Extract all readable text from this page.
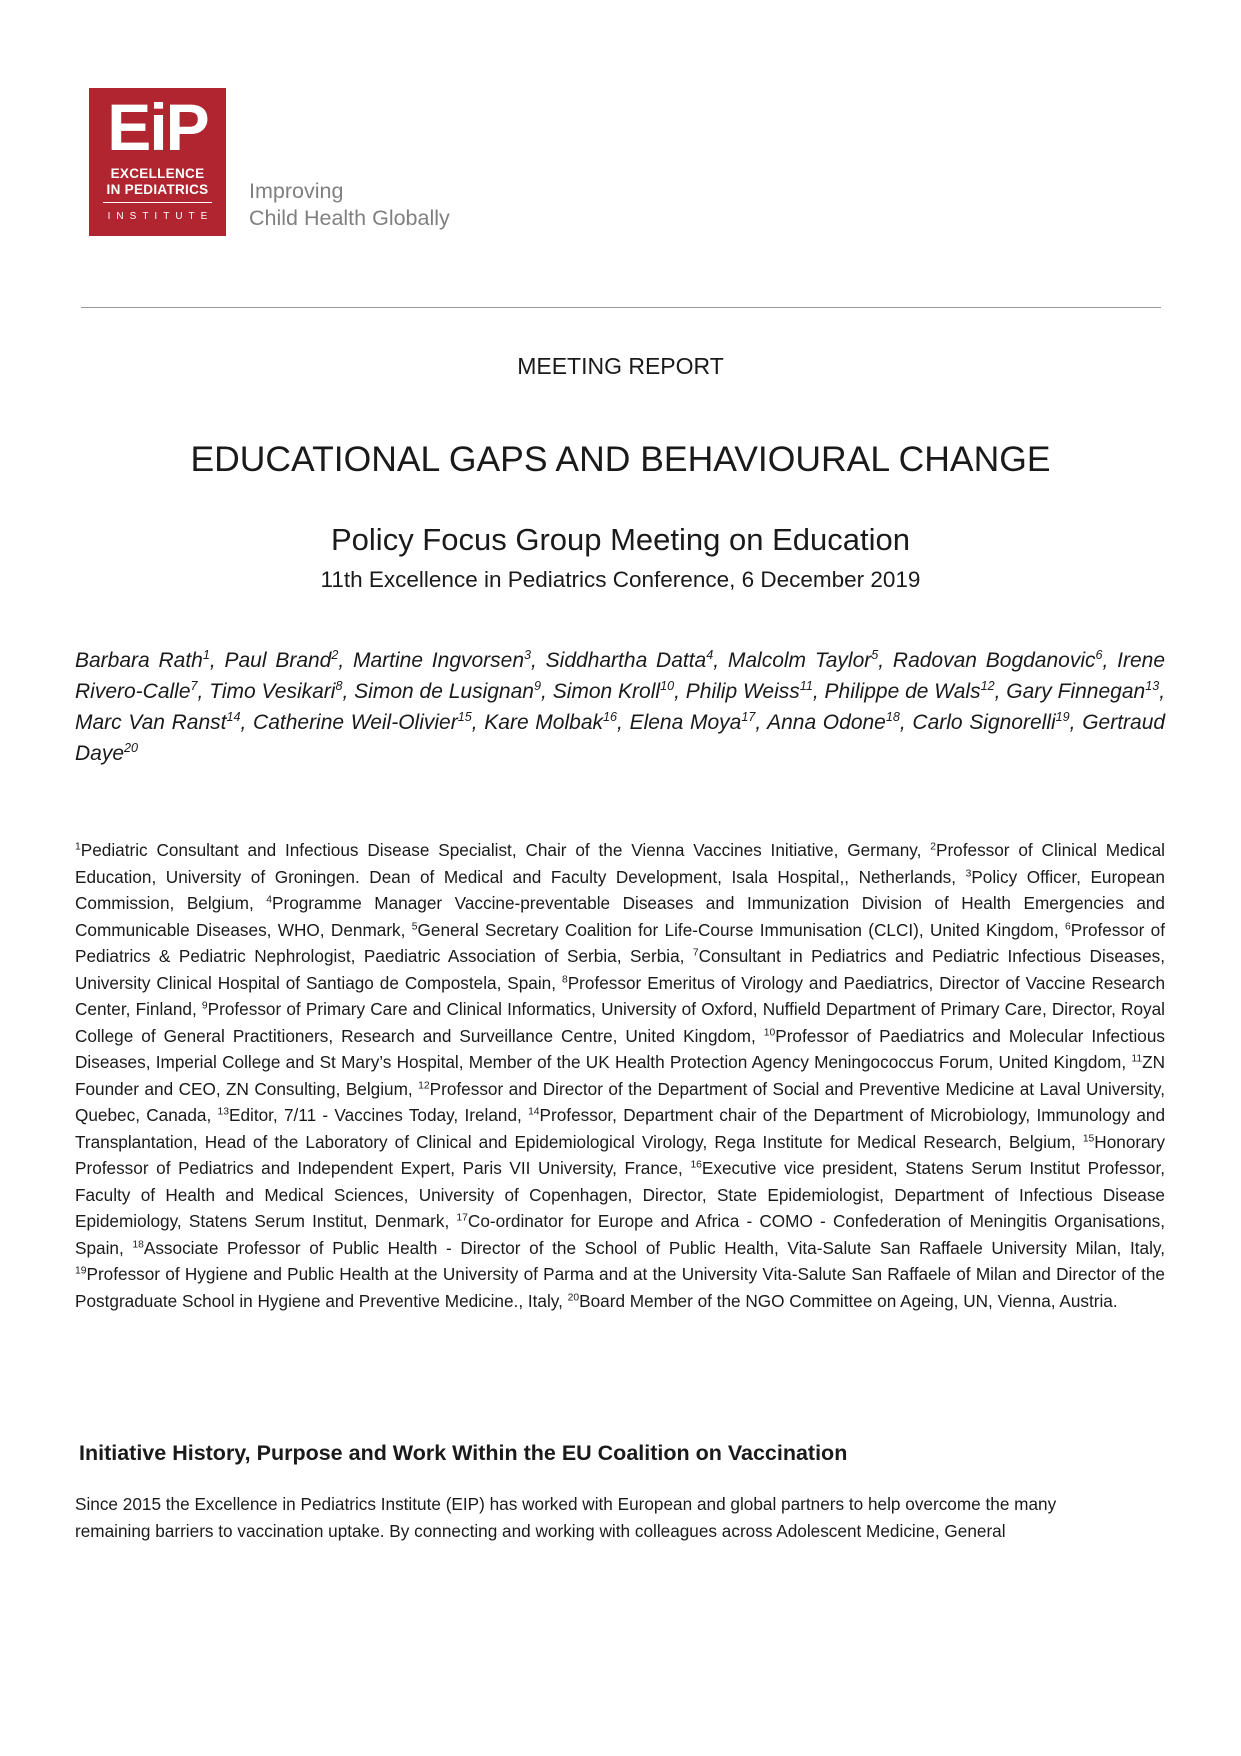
EiP
EXCELLENCE
IN PEDIATRICS
INSTITUTE
Improving
Child Health Globally
MEETING REPORT
EDUCATIONAL GAPS AND BEHAVIOURAL CHANGE
Policy Focus Group Meeting on Education
11th Excellence in Pediatrics Conference, 6 December 2019
Barbara Rath$^1$, Paul Brand$^2$, Martine Ingvorsen$^3$, Siddhartha Datta$^4$, Malcolm Taylor$^5$, Radovan Bogdanovic$^6$, Irene Rivero-Calle$^7$, Timo Vesikari$^8$, Simon de Lusignan$^9$, Simon Kroll$^{10}$, Philip Weiss$^{11}$, Philippe de Wals$^{12}$, Gary Finnegan$^{13}$, Marc Van Ranst$^{14}$, Catherine Weil-Olivier$^{15}$, Kare Molbak$^{16}$, Elena Moya$^{17}$, Anna Odone$^{18}$, Carlo Signorelli$^{19}$, Gertraud Daye$^{20}$
$^1$Pediatric Consultant and Infectious Disease Specialist, Chair of the Vienna Vaccines Initiative, Germany, $^2$Professor of Clinical Medical Education, University of Groningen. Dean of Medical and Faculty Development, Isala Hospital,, Netherlands, $^3$Policy Officer, European Commission, Belgium, $^4$Programme Manager Vaccine-preventable Diseases and Immunization Division of Health Emergencies and Communicable Diseases, WHO, Denmark, $^5$General Secretary Coalition for Life-Course Immunisation (CLCI), United Kingdom, $^6$Professor of Pediatrics & Pediatric Nephrologist, Paediatric Association of Serbia, Serbia, $^7$Consultant in Pediatrics and Pediatric Infectious Diseases, University Clinical Hospital of Santiago de Compostela, Spain, $^8$Professor Emeritus of Virology and Paediatrics, Director of Vaccine Research Center, Finland, $^9$Professor of Primary Care and Clinical Informatics, University of Oxford, Nuffield Department of Primary Care, Director, Royal College of General Practitioners, Research and Surveillance Centre, United Kingdom, $^{10}$Professor of Paediatrics and Molecular Infectious Diseases, Imperial College and St Mary’s Hospital, Member of the UK Health Protection Agency Meningococcus Forum, United Kingdom, $^{11}$ZN Founder and CEO, ZN Consulting, Belgium, $^{12}$Professor and Director of the Department of Social and Preventive Medicine at Laval University, Quebec, Canada, $^{13}$Editor, 7/11 - Vaccines Today, Ireland, $^{14}$Professor, Department chair of the Department of Microbiology, Immunology and Transplantation, Head of the Laboratory of Clinical and Epidemiological Virology, Rega Institute for Medical Research, Belgium, $^{15}$Honorary Professor of Pediatrics and Independent Expert, Paris VII University, France, $^{16}$Executive vice president, Statens Serum Institut Professor, Faculty of Health and Medical Sciences, University of Copenhagen, Director, State Epidemiologist, Department of Infectious Disease Epidemiology, Statens Serum Institut, Denmark, $^{17}$Co-ordinator for Europe and Africa - COMO - Confederation of Meningitis Organisations, Spain, $^{18}$Associate Professor of Public Health - Director of the School of Public Health, Vita-Salute San Raffaele University Milan, Italy, $^{19}$Professor of Hygiene and Public Health at the University of Parma and at the University Vita-Salute San Raffaele of Milan and Director of the Postgraduate School in Hygiene and Preventive Medicine., Italy, $^{20}$Board Member of the NGO Committee on Ageing, UN, Vienna, Austria.
Initiative History, Purpose and Work Within the EU Coalition on Vaccination
Since 2015 the Excellence in Pediatrics Institute (EIP) has worked with European and global partners to help overcome the many
remaining barriers to vaccination uptake. By connecting and working with colleagues across Adolescent Medicine, General
